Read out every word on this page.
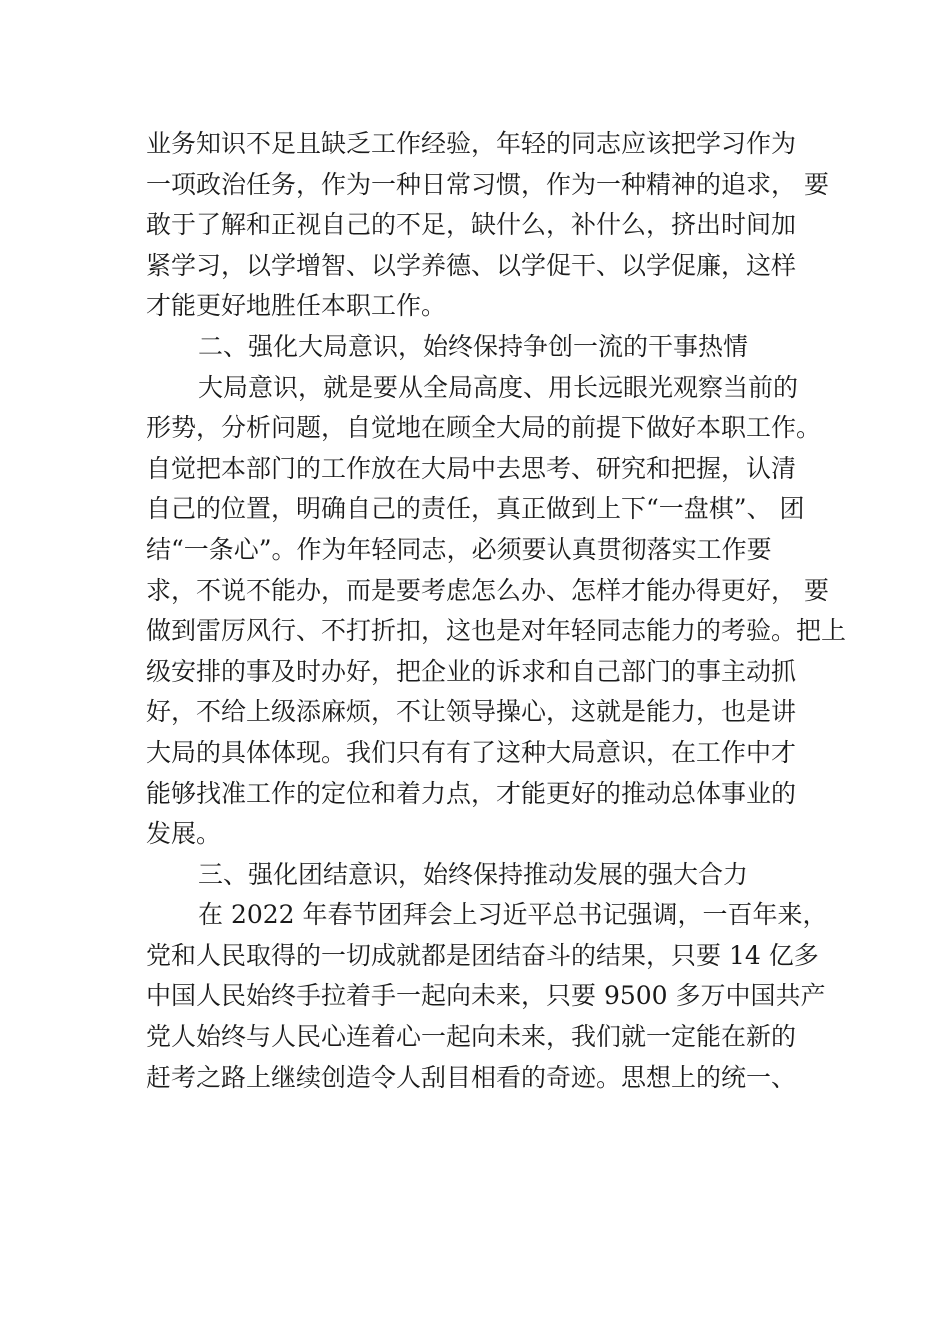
业务知识不足且缺乏工作经验，年轻的同志应该把学习作为
一项政治任务，作为一种日常习惯，作为一种精神的追求， 要
敢于了解和正视自己的不足，缺什么，补什么，挤出时间加
紧学习，以学增智、以学养德、以学促干、以学促廉，这样
才能更好地胜任本职工作。
二、强化大局意识，始终保持争创一流的干事热情
大局意识，就是要从全局高度、用长远眼光观察当前的
形势，分析问题，自觉地在顾全大局的前提下做好本职工作。
自觉把本部门的工作放在大局中去思考、研究和把握，认清
自己的位置，明确自己的责任，真正做到上下“一盘棋”、 团
结“一条心”。作为年轻同志，必须要认真贯彻落实工作要
求，不说不能办，而是要考虑怎么办、怎样才能办得更好， 要
做到雷厉风行、不打折扣，这也是对年轻同志能力的考验。把上
级安排的事及时办好，把企业的诉求和自己部门的事主动抓
好，不给上级添麻烦，不让领导操心，这就是能力，也是讲
大局的具体体现。我们只有有了这种大局意识，在工作中才
能够找准工作的定位和着力点，才能更好的推动总体事业的
发展。
三、强化团结意识，始终保持推动发展的强大合力
在 2022 年春节团拜会上习近平总书记强调，一百年来，
党和人民取得的一切成就都是团结奋斗的结果，只要 14 亿多
中国人民始终手拉着手一起向未来，只要 9500 多万中国共产
党人始终与人民心连着心一起向未来，我们就一定能在新的
赶考之路上继续创造令人刮目相看的奇迹。思想上的统一、
